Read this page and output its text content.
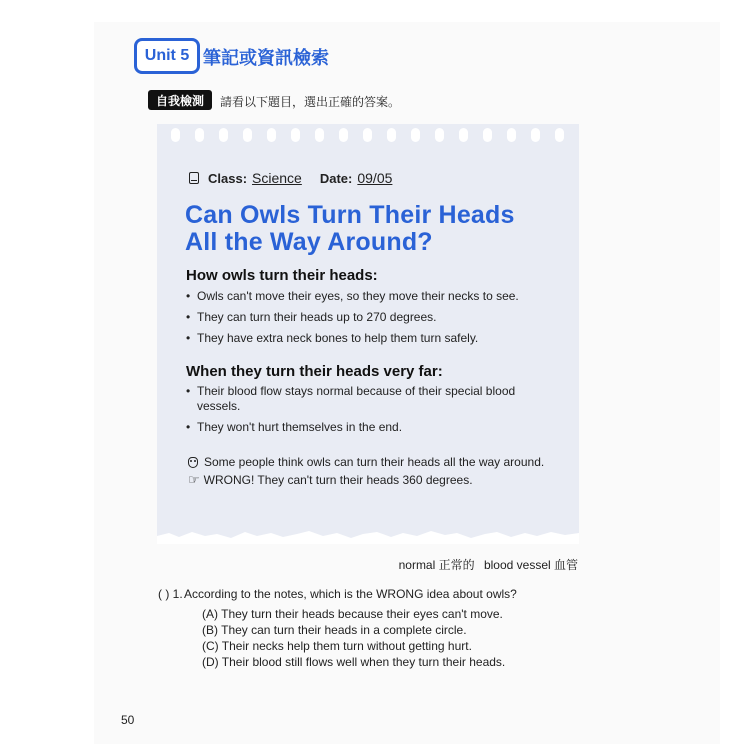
Unit 5 筆記或資訊檢索
自我檢測	請看以下題目，選出正確的答案。
Class: Science Date: 09/05
Can Owls Turn Their Heads
All the Way Around?
How owls turn their heads:
• Owls can't move their eyes, so they move their necks to see.
• They can turn their heads up to 270 degrees.
• They have extra neck bones to help them turn safely.
When they turn their heads very far:
• Their blood flow stays normal because of their special blood vessels.
• They won't hurt themselves in the end.
Some people think owls can turn their heads all the way around.
☞ WRONG! They can't turn their heads 360 degrees.
normal 正常的 blood vessel 血管
( ) 1. According to the notes, which is the WRONG idea about owls?
(A) They turn their heads because their eyes can't move.
(B) They can turn their heads in a complete circle.
(C) Their necks help them turn without getting hurt.
(D) Their blood still flows well when they turn their heads.
50
